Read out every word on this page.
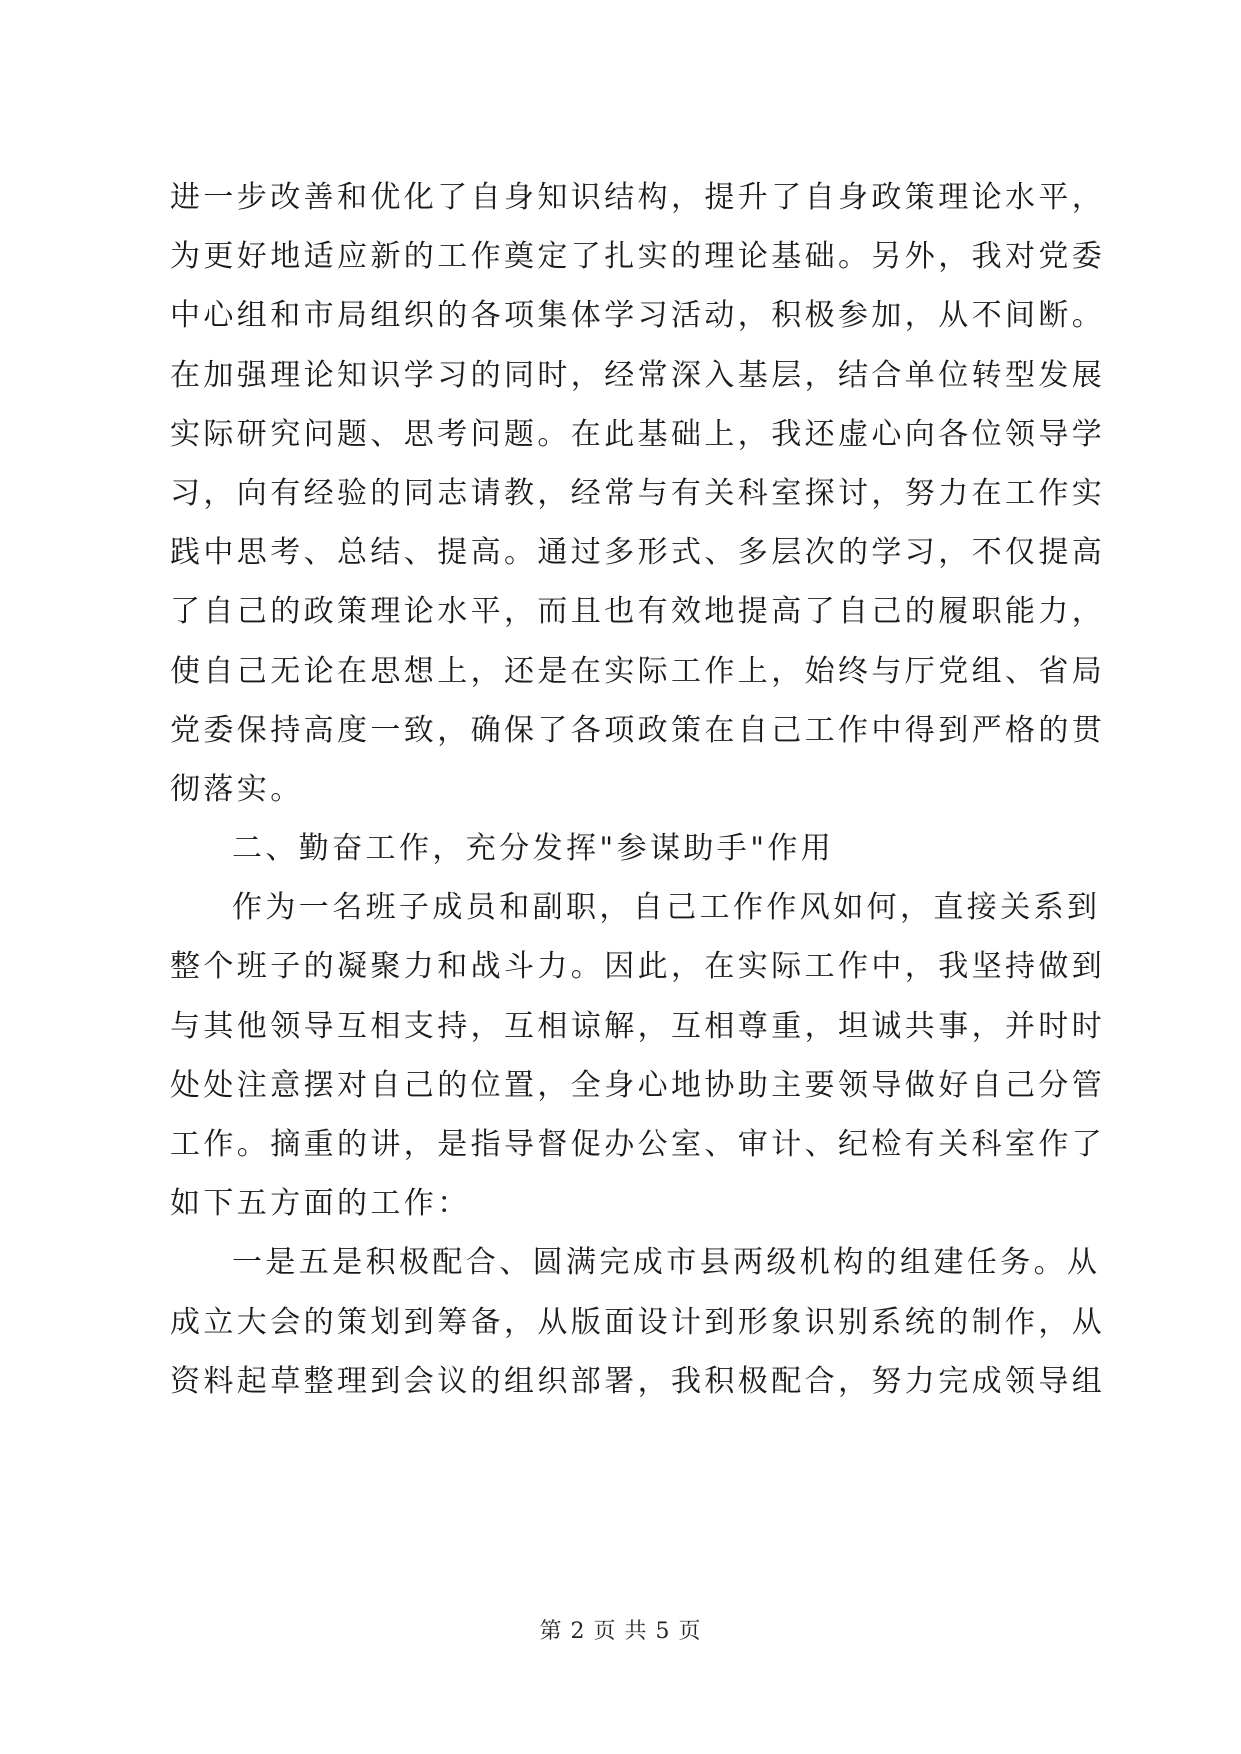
进一步改善和优化了自身知识结构，提升了自身政策理论水平，
为更好地适应新的工作奠定了扎实的理论基础。另外，我对党委
中心组和市局组织的各项集体学习活动，积极参加，从不间断。
在加强理论知识学习的同时，经常深入基层，结合单位转型发展
实际研究问题、思考问题。在此基础上，我还虚心向各位领导学
习，向有经验的同志请教，经常与有关科室探讨，努力在工作实
践中思考、总结、提高。通过多形式、多层次的学习，不仅提高
了自己的政策理论水平，而且也有效地提高了自己的履职能力，
使自己无论在思想上，还是在实际工作上，始终与厅党组、省局
党委保持高度一致，确保了各项政策在自己工作中得到严格的贯
彻落实。
二、勤奋工作，充分发挥"参谋助手"作用
作为一名班子成员和副职，自己工作作风如何，直接关系到
整个班子的凝聚力和战斗力。因此，在实际工作中，我坚持做到
与其他领导互相支持，互相谅解，互相尊重，坦诚共事，并时时
处处注意摆对自己的位置，全身心地协助主要领导做好自己分管
工作。摘重的讲，是指导督促办公室、审计、纪检有关科室作了
如下五方面的工作：
一是五是积极配合、圆满完成市县两级机构的组建任务。从
成立大会的策划到筹备，从版面设计到形象识别系统的制作，从
资料起草整理到会议的组织部署，我积极配合，努力完成领导组
第 2 页 共 5 页
